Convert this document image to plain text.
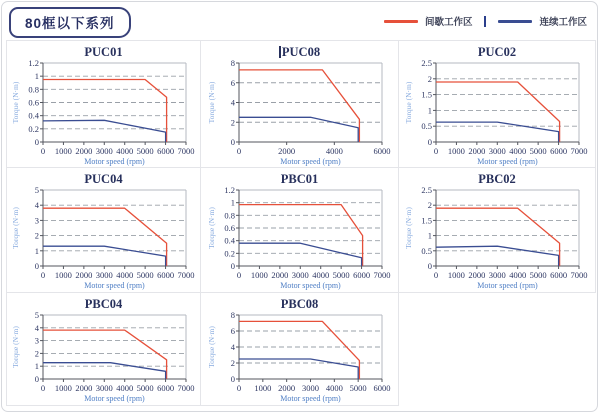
80框以下系列	间歇工作区	连续工作区
PUC01
0 1000 2000 3000 4000 5000 6000 7000
0
0.2
0.4
0.6
0.8
1
1.2
Motor speed (rpm)
Torque (N·m)
PUC08
0	2000	4000	6000
0
2
4
6
8
Motor speed (rpm)
Torque (N·m)
PUC02
0 1000 2000 3000 4000 5000 6000 7000
0
0.5
1
1.5
2
2.5
Motor speed (rpm)
Torque (N·m)
PUC04
0 1000 2000 3000 4000 5000 6000 7000
0
1
2
3
4
5
Motor speed (rpm)
Torque (N·m)
PBC01
0 1000 2000 3000 4000 5000 6000 7000
0
0.2
0.4
0.6
0.8
1
1.2
Motor speed (rpm)
Torque (N·m)
PBC02
0 1000 2000 3000 4000 5000 6000 7000
0
0.5
1
1.5
2
2.5
Motor speed (rpm)
Torque (N·m)
PBC04
0 1000 2000 3000 4000 5000 6000 7000
0
1
2
3
4
5
Motor speed (rpm)
Torque (N·m)
PBC08
0 1000 2000 3000 4000 5000 6000
0
2
4
6
8
Motor speed (rpm)
Torque (N·m)
